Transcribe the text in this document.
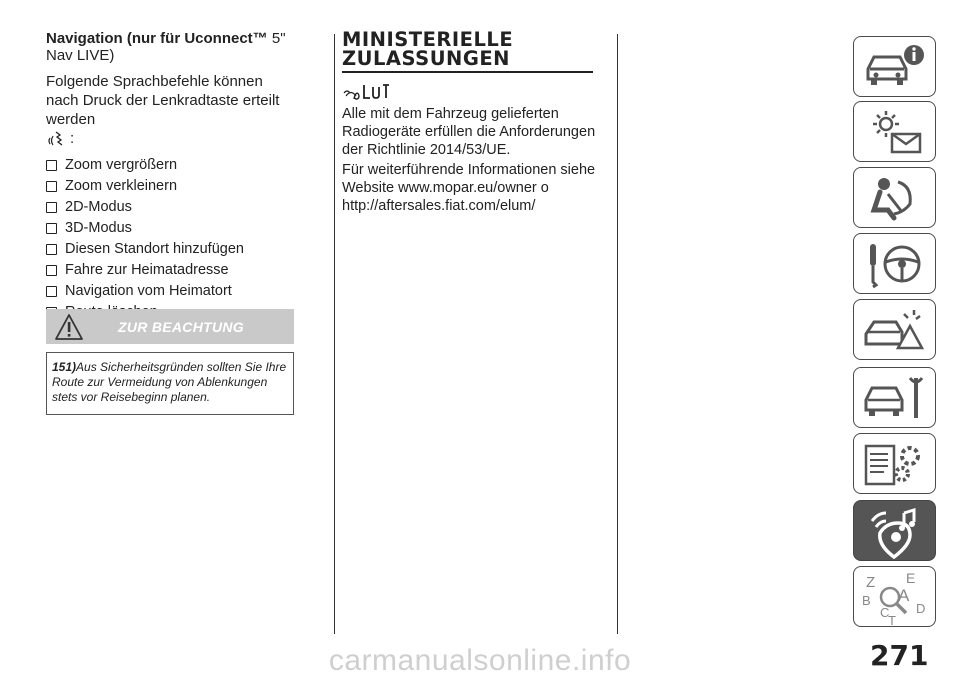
Navigation (nur für Uconnect™ 5"
Nav LIVE)

Folgende Sprachbefehle können nach Druck der Lenkradtaste erteilt werden
:
Zoom vergrößern
Zoom verkleinern
2D-Modus
3D-Modus
Diesen Standort hinzufügen
Fahre zur Heimatadresse
Navigation vom Heimatort
ZUR BEACHTUNG
151)Aus Sicherheitsgründen sollten Sie Ihre Route zur Vermeidung von Ablenkungen stets vor Reisebeginn planen.
MINISTERIELLE
ZULASSUNGEN
Alle mit dem Fahrzeug gelieferten Radiogeräte erfüllen die Anforderungen der Richtlinie 2014/53/UE.
Für weiterführende Informationen siehe Website www.mopar.eu/owner o http://aftersales.fiat.com/elum/
Z E
A
B
C D
T
271
carmanualsonline.info
